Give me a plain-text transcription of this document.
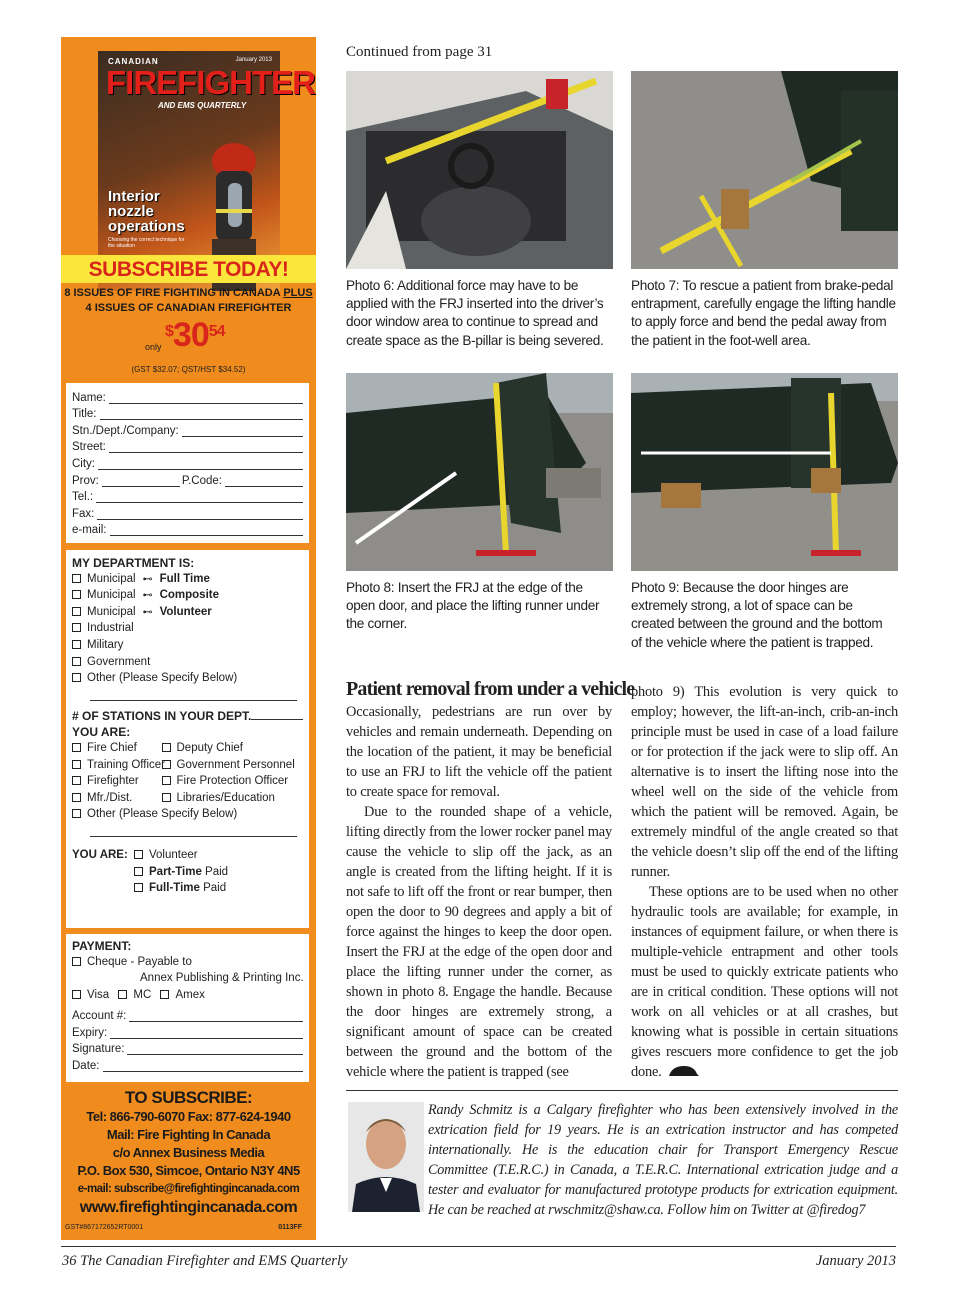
CANADIAN	January 2013
FIREFIGHTER
AND EMS QUARTERLY
Interior nozzle operations
Choosing the correct technique for the situation
SUBSCRIBE TODAY!
8 ISSUES OF FIRE FIGHTING IN CANADA PLUS
4 ISSUES OF CANADIAN FIREFIGHTER
only
$^{\$}30^{54}$
(GST $32.07; QST/HST $34.52)
Name:
Title:
Stn./Dept./Company:
Street:
City:
Prov:	P.Code:
Tel.:
Fax:
e-mail:
MY DEPARTMENT IS:
Municipal ⊷ Full Time
Municipal ⊷ Composite
Municipal ⊷ Volunteer
Industrial
Military
Government
Other (Please Specify Below)
# OF STATIONS IN YOUR DEPT.
YOU ARE:
Fire Chief	Deputy Chief
Training Officer	Government Personnel
Firefighter	Fire Protection Officer
Mfr./Dist.	Libraries/Education
Other (Please Specify Below)
YOU ARE: Volunteer
Part-Time Paid
Full-Time Paid
PAYMENT:
Cheque - Payable to
Annex Publishing & Printing Inc.
Visa MC Amex
Account #:
Expiry:
Signature:
Date:
TO SUBSCRIBE:
Tel: 866-790-6070 Fax: 877-624-1940
Mail: Fire Fighting In Canada
c/o Annex Business Media
P.O. Box 530, Simcoe, Ontario N3Y 4N5
e-mail: subscribe@firefightingincanada.com
www.firefightingincanada.com
GST#867172652RT0001	0113FF
Continued from page 31
Photo 6: Additional force may have to be applied with the FRJ inserted into the driver’s door window area to continue to spread and create space as the B-pillar is being severed.
Photo 7: To rescue a patient from brake-pedal entrapment, carefully engage the lifting handle to apply force and bend the pedal away from the patient in the foot-well area.
Photo 8: Insert the FRJ at the edge of the open door, and place the lifting runner under the corner.
Photo 9: Because the door hinges are extremely strong, a lot of space can be created between the ground and the bottom of the vehicle where the patient is trapped.
Patient removal from under a vehicle

Occasionally, pedestrians are run over by vehicles and remain underneath. Depending on the location of the patient, it may be beneficial to use an FRJ to lift the vehicle off the patient to create space for removal.

Due to the rounded shape of a vehicle, lifting directly from the lower rocker panel may cause the vehicle to slip off the jack, as an angle is created from the lifting height. If it is not safe to lift off the front or rear bumper, then open the door to 90 degrees and apply a bit of force against the hinges to keep the door open. Insert the FRJ at the edge of the open door and place the lifting runner under the corner, as shown in photo 8. Engage the handle. Because the door hinges are extremely strong, a significant amount of space can be created between the ground and the bottom of the vehicle where the patient is trapped (see

photo 9) This evolution is very quick to employ; however, the lift-an-inch, crib-an-inch principle must be used in case of a load failure or for protection if the jack were to slip off. An alternative is to insert the lifting nose into the wheel well on the side of the vehicle from which the patient will be removed. Again, be extremely mindful of the angle created so that the vehicle doesn’t slip off the end of the lifting runner.

These options are to be used when no other hydraulic tools are available; for example, in instances of equipment failure, or when there is multiple-vehicle entrapment and other tools must be used to quickly extricate patients who are in critical condition. These options will not work on all vehicles or at all crashes, but knowing what is possible in certain situations gives rescuers more confidence to get the job done.

Randy Schmitz is a Calgary firefighter who has been extensively involved in the extrication field for 19 years. He is an extrication instructor and has competed internationally. He is the education chair for Transport Emergency Rescue Committee (T.E.R.C.) in Canada, a T.E.R.C. International extrication judge and a tester and evaluator for manufactured prototype products for extrication equipment. He can be reached at rwschmitz@shaw.ca. Follow him on Twitter at @firedog7
36 The Canadian Firefighter and EMS Quarterly	January 2013
